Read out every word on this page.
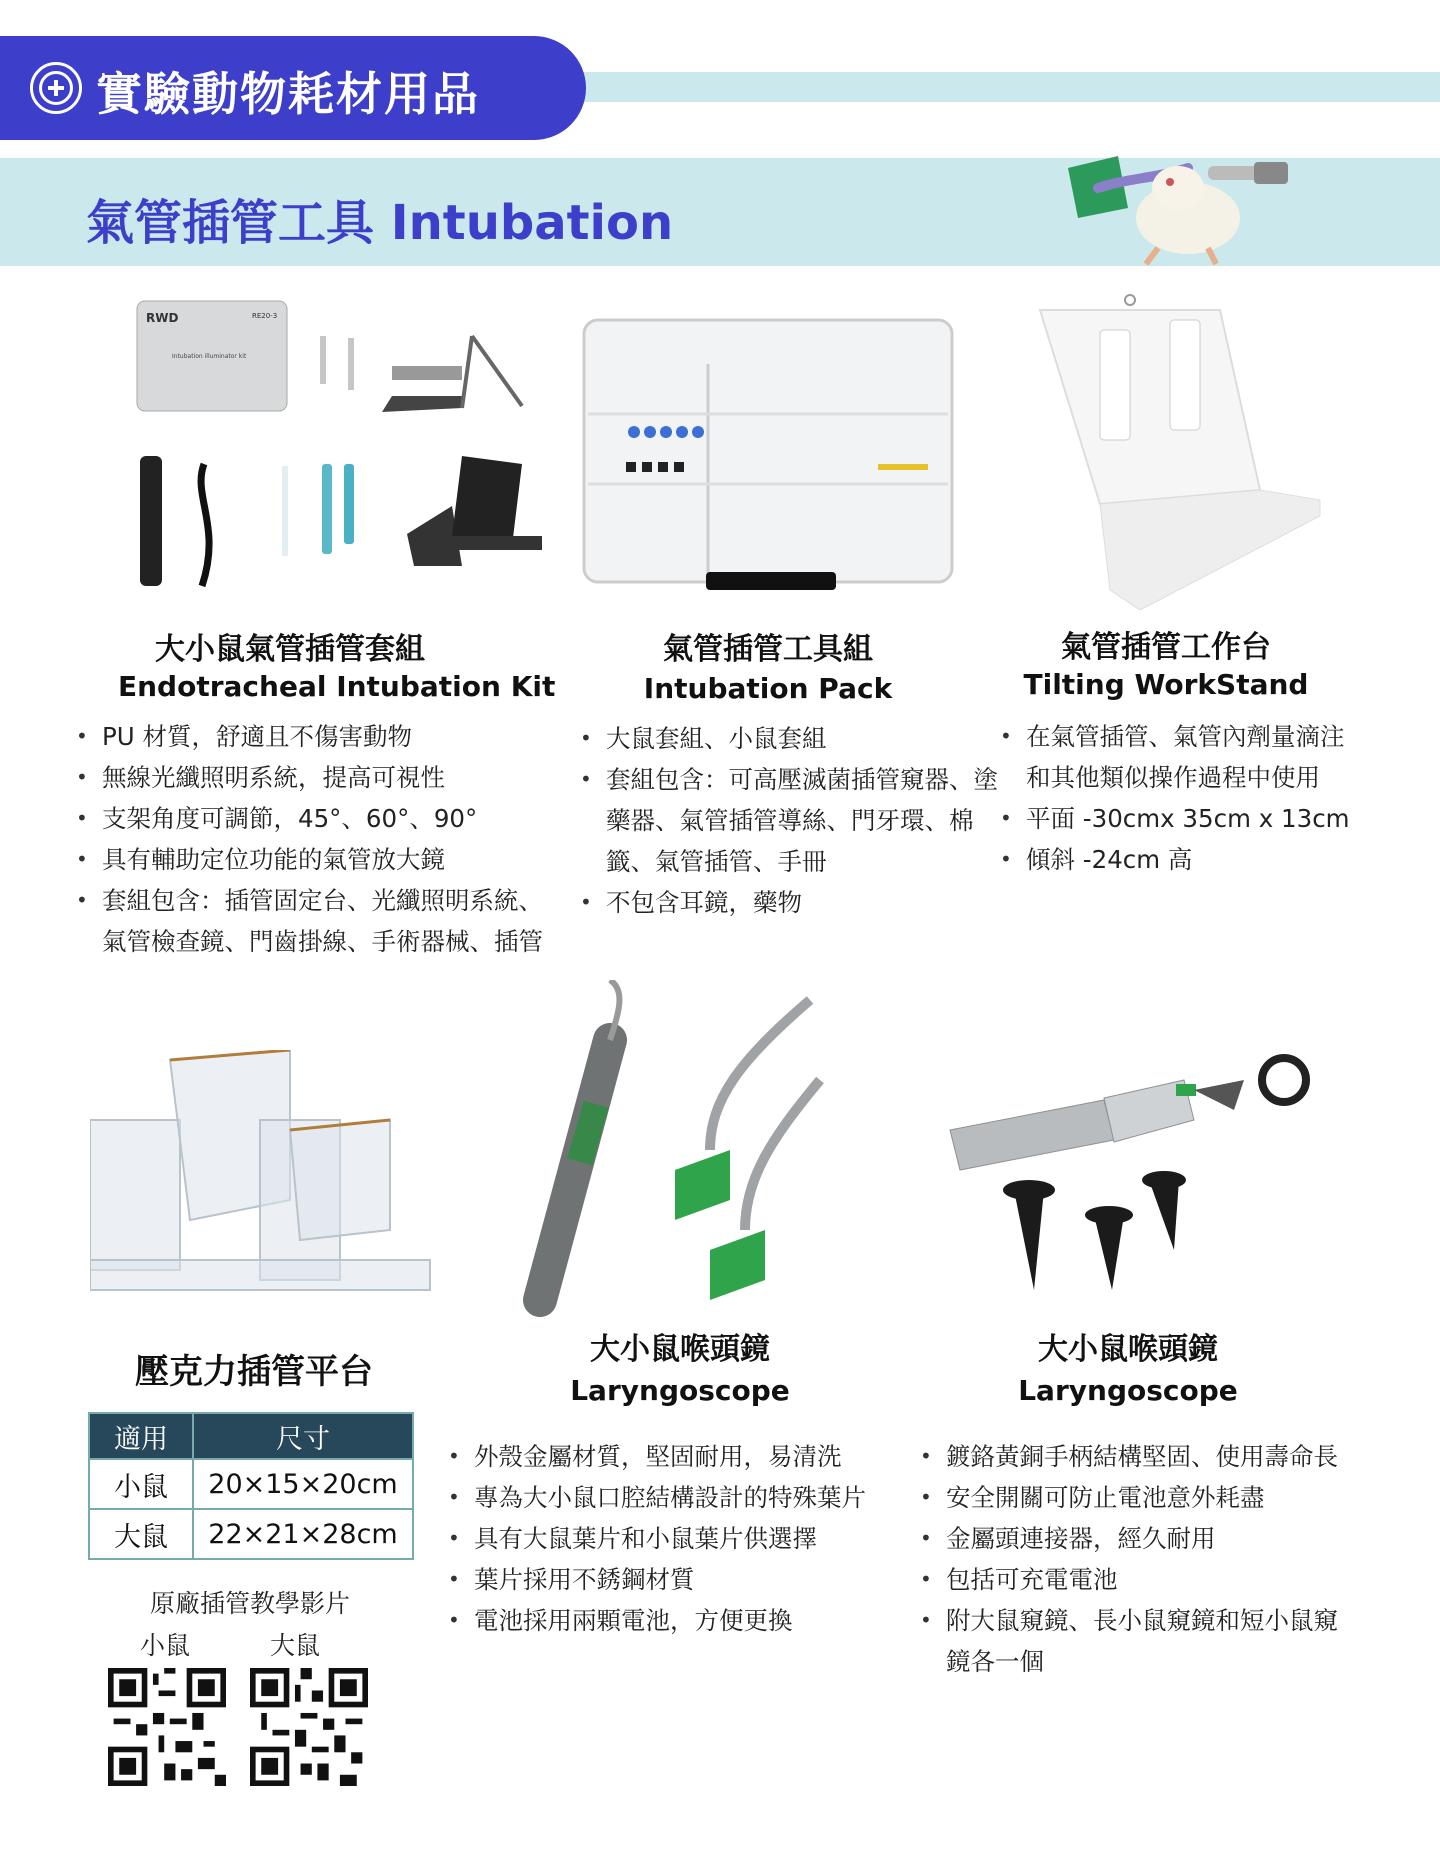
實驗動物耗材用品
氣管插管工具 Intubation
RWD	RE20-3
Intubation illuminator kit
大小鼠氣管插管套組
Endotracheal Intubation Kit
• PU 材質，舒適且不傷害動物
• 無線光纖照明系統，提高可視性
• 支架角度可調節，45°、60°、90°
• 具有輔助定位功能的氣管放大鏡
• 套組包含：插管固定台、光纖照明系統、氣管檢查鏡、門齒掛線、手術器械、插管
氣管插管工具組
Intubation Pack
• 大鼠套組、小鼠套組
• 套組包含：可高壓滅菌插管窺器、塗藥器、氣管插管導絲、門牙環、棉籤、氣管插管、手冊
• 不包含耳鏡，藥物
氣管插管工作台
Tilting WorkStand
• 在氣管插管、氣管內劑量滴注和其他類似操作過程中使用
• 平面 -30cmx 35cm x 13cm
• 傾斜 -24cm 高
壓克力插管平台
適用	尺寸
小鼠	20×15×20cm
大鼠	22×21×28cm
原廠插管教學影片
小鼠	大鼠
大小鼠喉頭鏡
Laryngoscope
• 外殼金屬材質，堅固耐用，易清洗
• 專為大小鼠口腔結構設計的特殊葉片
• 具有大鼠葉片和小鼠葉片供選擇
• 葉片採用不銹鋼材質
• 電池採用兩顆電池，方便更換
大小鼠喉頭鏡
Laryngoscope
• 鍍鉻黃銅手柄結構堅固、使用壽命長
• 安全開關可防止電池意外耗盡
• 金屬頭連接器，經久耐用
• 包括可充電電池
• 附大鼠窺鏡、長小鼠窺鏡和短小鼠窺鏡各一個
